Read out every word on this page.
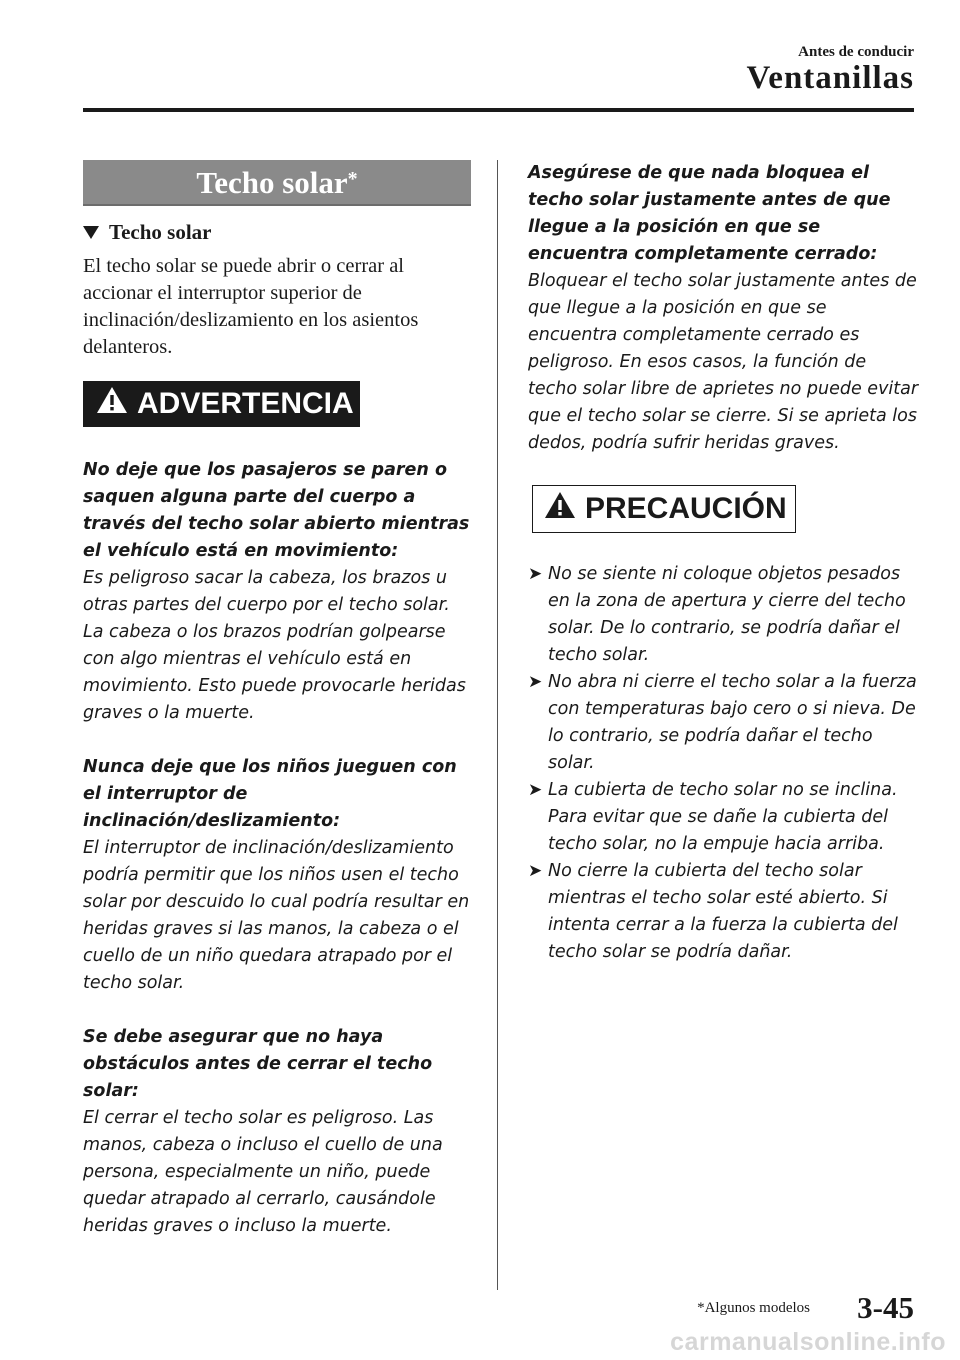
Antes de conducir
Ventanillas
Techo solar*
Techo solar
El techo solar se puede abrir o cerrar al accionar el interruptor superior de inclinación/deslizamiento en los asientos delanteros.
ADVERTENCIA
No deje que los pasajeros se paren o saquen alguna parte del cuerpo a través del techo solar abierto mientras el vehículo está en movimiento:
Es peligroso sacar la cabeza, los brazos u otras partes del cuerpo por el techo solar. La cabeza o los brazos podrían golpearse con algo mientras el vehículo está en movimiento. Esto puede provocarle heridas graves o la muerte.
Nunca deje que los niños jueguen con el interruptor de inclinación/deslizamiento:
El interruptor de inclinación/deslizamiento podría permitir que los niños usen el techo solar por descuido lo cual podría resultar en heridas graves si las manos, la cabeza o el cuello de un niño quedara atrapado por el techo solar.
Se debe asegurar que no haya obstáculos antes de cerrar el techo solar:
El cerrar el techo solar es peligroso. Las manos, cabeza o incluso el cuello de una persona, especialmente un niño, puede quedar atrapado al cerrarlo, causándole heridas graves o incluso la muerte.
Asegúrese de que nada bloquea el techo solar justamente antes de que llegue a la posición en que se encuentra completamente cerrado:
Bloquear el techo solar justamente antes de que llegue a la posición en que se encuentra completamente cerrado es peligroso. En esos casos, la función de techo solar libre de aprietes no puede evitar que el techo solar se cierre. Si se aprieta los dedos, podría sufrir heridas graves.
PRECAUCIÓN
➤ No se siente ni coloque objetos pesados en la zona de apertura y cierre del techo solar. De lo contrario, se podría dañar el techo solar.
➤ No abra ni cierre el techo solar a la fuerza con temperaturas bajo cero o si nieva. De lo contrario, se podría dañar el techo solar.
➤ La cubierta de techo solar no se inclina. Para evitar que se dañe la cubierta del techo solar, no la empuje hacia arriba.
➤ No cierre la cubierta del techo solar mientras el techo solar esté abierto. Si intenta cerrar a la fuerza la cubierta del techo solar se podría dañar.
*Algunos modelos 3-45
carmanualsonline.info
